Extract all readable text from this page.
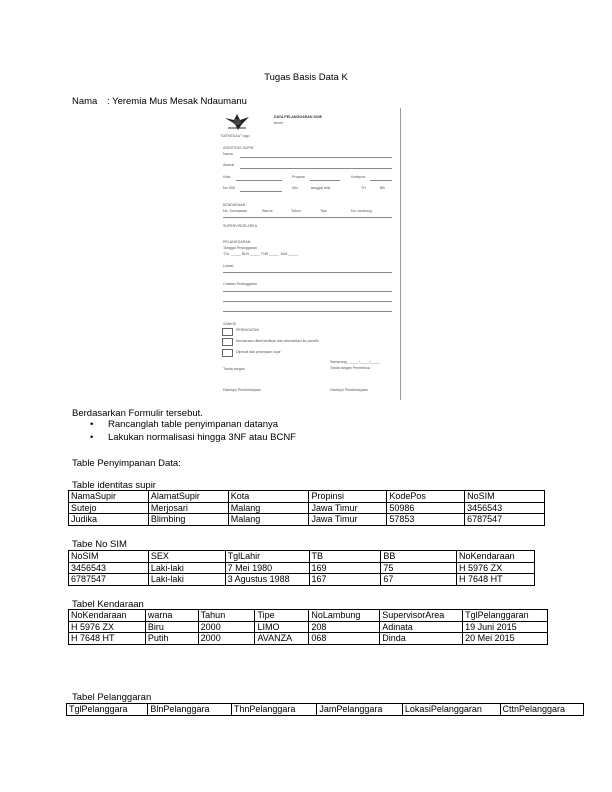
Tugas Basis Data K
Nama : Yeremia Mus Mesak Ndaumanu
"SATKEDAU" logo
DATA PELANGGARAN SOIE
Ancer
IDENTITAS SUPIR
Nama
Alamat
Kota	Propinsi	Kodepos
No SIM	Sex	tanggal lahir	TH	BB
KENDARAAN
No. Kendaraan	Warna	Tahun	Tipe	No Lambung
SUPERVISOR AREA
PELANGGARAN
Tanggal Pelanggaran
TGL _____ BLN _____ THN _____ JAM _____
Lokasi
Catatan Pelanggaran
SANKSI
PERINGATAN
Kendaraan diberhentikan dan diserahkan ke pemilik
Dipecat dari pekerjaan supir
Semarang, _____/_____/_____
Tanda tangan Pemeriksa
Tanda tangan
Disetujui Pembelanjaan	Disetujui Pembelanjaan
Berdasarkan Formulir tersebut.
• Rancanglah table penyimpanan datanya
• Lakukan normalisasi hingga 3NF atau BCNF
Table Penyimpanan Data:
Table identitas supir
NamaSupir	AlamatSupir	Kota	Propinsi	KodePos	NoSIM
Sutejo	Merjosari	Malang	Jawa Timur	50986	3456543
Judika	Blimbing	Malang	Jawa Timur	57853	6787547
Tabe No SIM
NoSIM	SEX	TglLahir	TB	BB	NoKendaraan
3456543	Laki-laki	7 Mei 1980	169	75	H 5976 ZX
6787547	Laki-laki	3 Agustus 1988	167	67	H 7648 HT
Tabel Kendaraan
NoKendaraan	warna	Tahun	Tipe	NoLambung	SupervisorArea	TglPelanggaran
H 5976 ZX	Biru	2000	LIMO	208	Adinata	19 Juni 2015
H 7648 HT	Putih	2000	AVANZA	068	Dinda	20 Mei 2015
Tabel Pelanggaran
TglPelanggara	BlnPelanggara	ThnPelanggara	JamPelanggara	LokasiPelanggaran	CttnPelanggara
